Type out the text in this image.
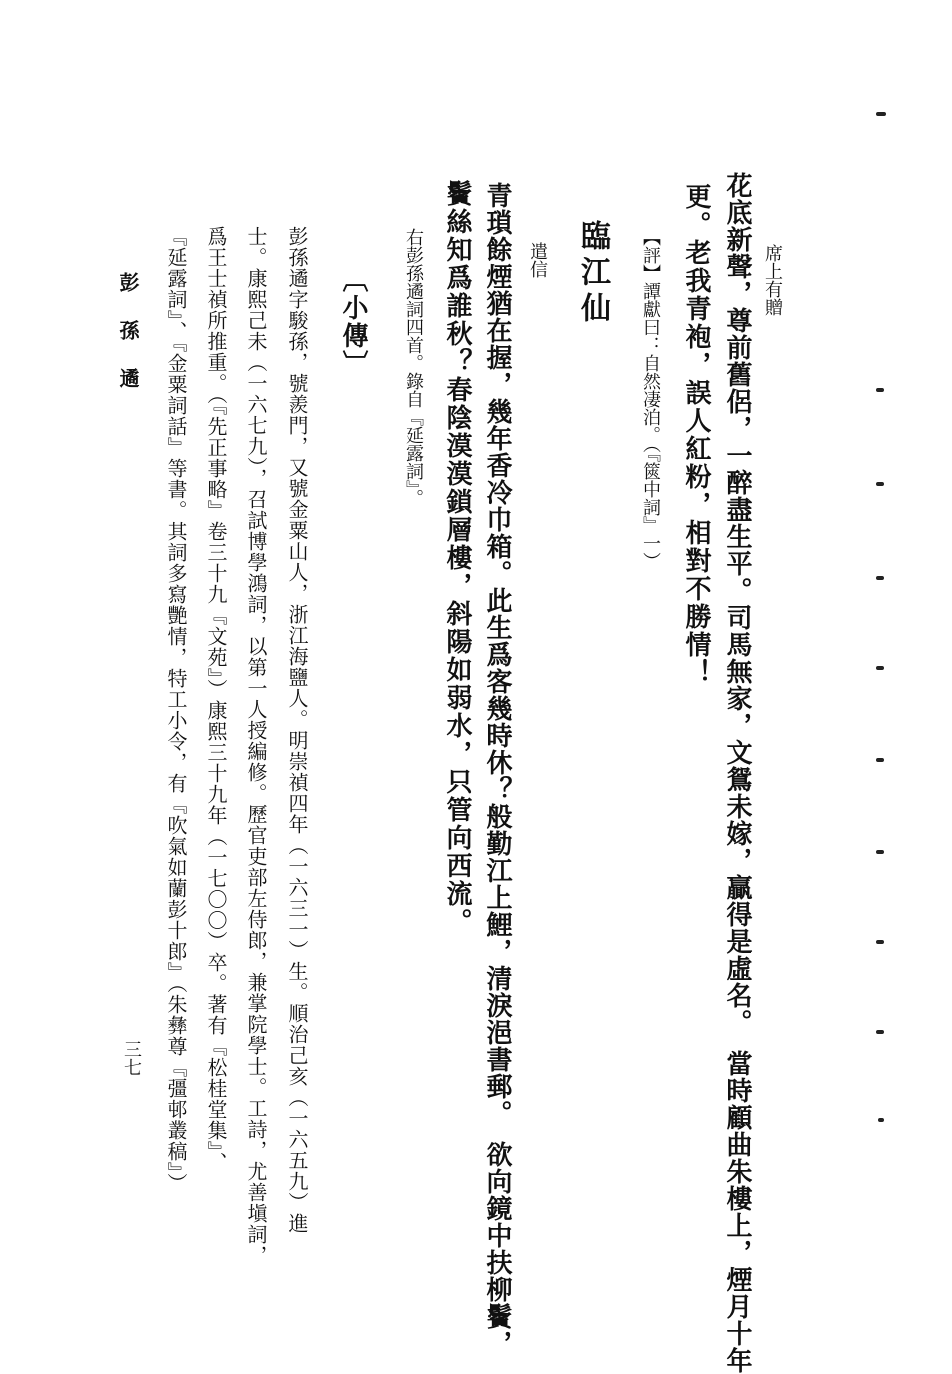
席上有贈
花底新聲，尊前舊侶，一醉盡生平。司馬無家，文鴛未嫁，贏得是虛名。　當時顧曲朱樓上，煙月十年
更。老我青袍，誤人紅粉，相對不勝情！
【評】譚獻曰：自然凄泊。（『篋中詞』一）
臨江仙
遣信
青瑣餘煙猶在握，幾年香冷巾箱。此生爲客幾時休？般勤江上鯉，清淚浥書郵。　欲向鏡中扶柳鬢，
鬢絲知爲誰秋？春陰漠漠鎖層樓，斜陽如弱水，只管向西流。
右彭孫遹詞四首。錄自『延露詞』。
〔小傳〕
彭孫遹字駿孫，號羨門，又號金粟山人，浙江海鹽人。明崇禎四年（一六三一）生。順治己亥（一六五九）進
士。康熙己未（一六七九），召試博學鴻詞，以第一人授編修。歷官吏部左侍郎，兼掌院學士。工詩，尤善塡詞，
爲王士禎所推重。（『先正事略』卷三十九『文苑』）康熙三十九年（一七〇〇）卒。著有『松桂堂集』、
『延露詞』、『金粟詞話』等書。其詞多寫艷情，特工小令，有『吹氣如蘭彭十郎』（朱彝尊『彊邨叢稿』）
彭孫遹
三七
